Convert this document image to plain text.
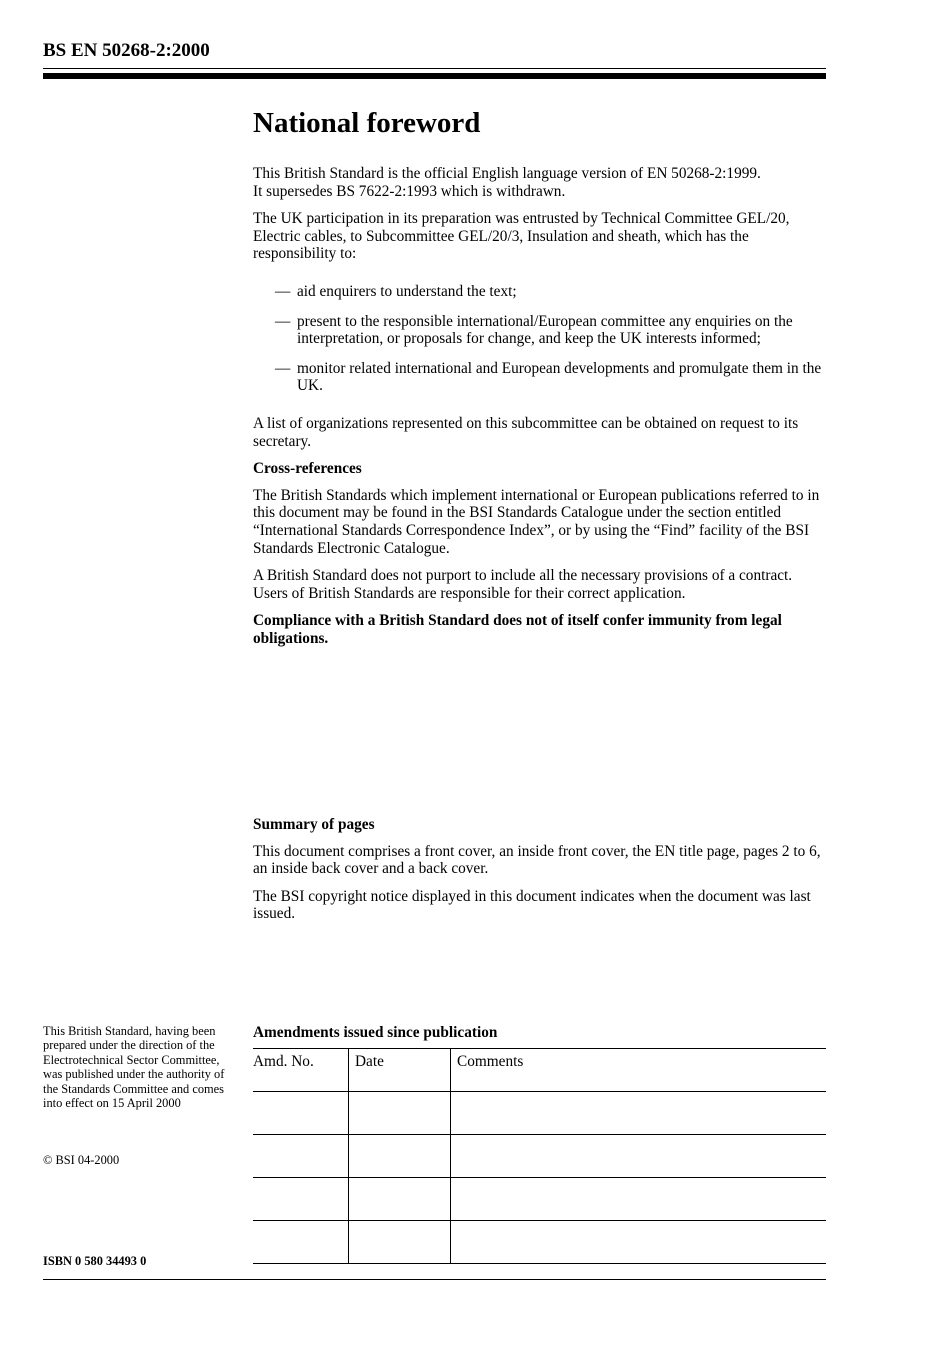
BS EN 50268-2:2000
National foreword

This British Standard is the official English language version of EN 50268-2:1999.
It supersedes BS 7622-2:1993 which is withdrawn.

The UK participation in its preparation was entrusted by Technical Committee GEL/20, Electric cables, to Subcommittee GEL/20/3, Insulation and sheath, which has the responsibility to:

— aid enquirers to understand the text;
— present to the responsible international/European committee any enquiries on the interpretation, or proposals for change, and keep the UK interests informed;
— monitor related international and European developments and promulgate them in the UK.

A list of organizations represented on this subcommittee can be obtained on request to its secretary.

Cross-references

The British Standards which implement international or European publications referred to in this document may be found in the BSI Standards Catalogue under the section entitled “International Standards Correspondence Index”, or by using the “Find” facility of the BSI Standards Electronic Catalogue.

A British Standard does not purport to include all the necessary provisions of a contract. Users of British Standards are responsible for their correct application.

Compliance with a British Standard does not of itself confer immunity from legal obligations.

Summary of pages

This document comprises a front cover, an inside front cover, the EN title page, pages 2 to 6, an inside back cover and a back cover.

The BSI copyright notice displayed in this document indicates when the document was last issued.

This British Standard, having been prepared under the direction of the Electrotechnical Sector Committee, was published under the authority of the Standards Committee and comes into effect on 15 April 2000
© BSI 04-2000
ISBN 0 580 34493 0
Amendments issued since publication
Amd. No.	Date	Comments
